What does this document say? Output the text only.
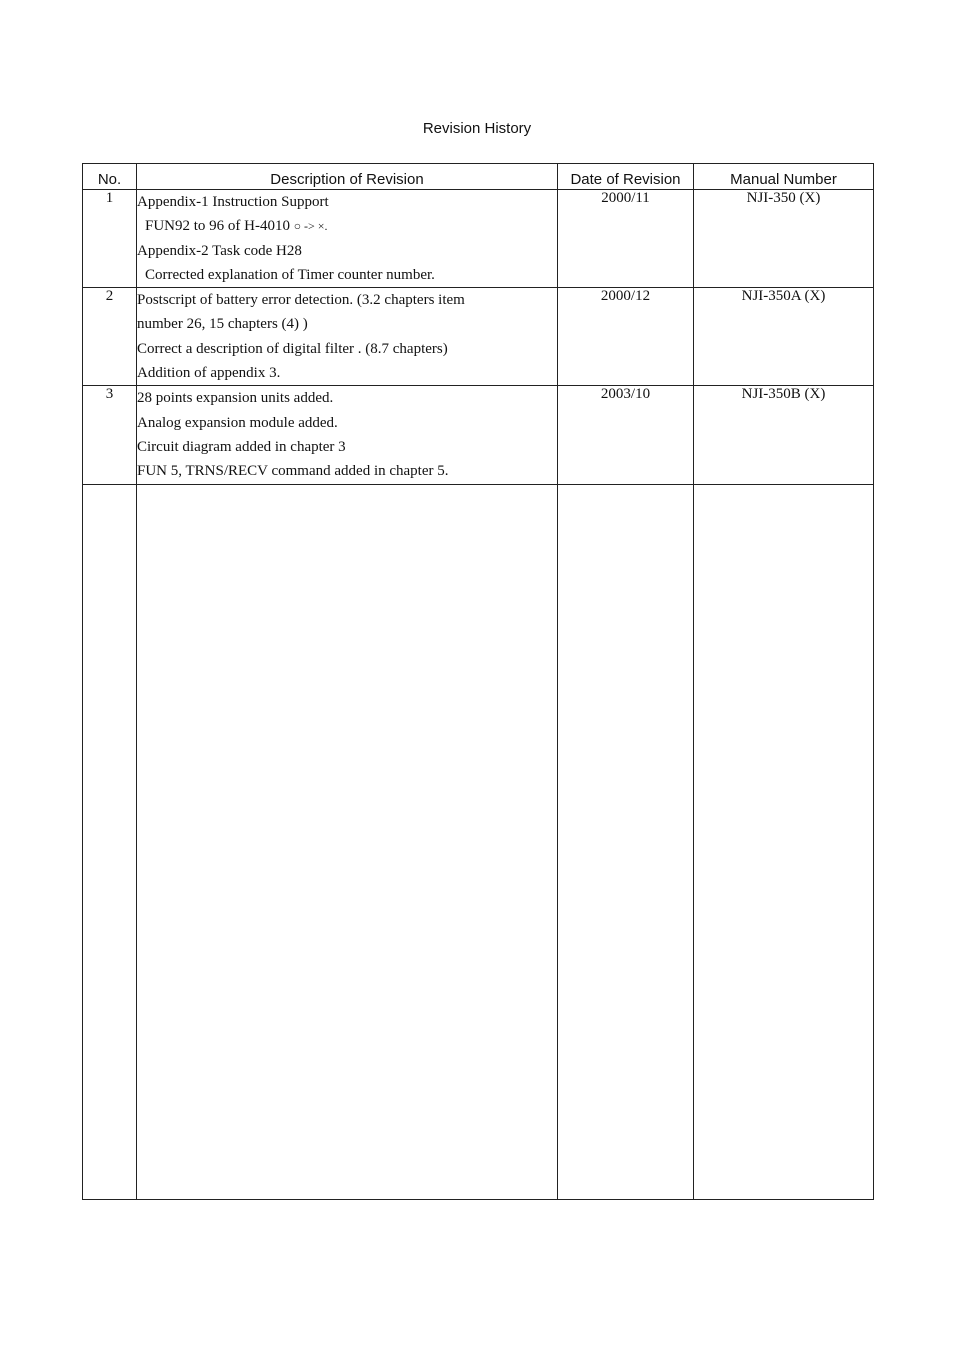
Revision History
No.	Description of Revision	Date of Revision	Manual Number
1	Appendix-1 Instruction Support
FUN92 to 96 of H-4010 ○ -> ×.
Appendix-2 Task code H28
Corrected explanation of Timer counter number.	2000/11	NJI-350 (X)
2	Postscript of battery error detection. (3.2 chapters item
number 26, 15 chapters (4) )
Correct a description of digital filter . (8.7 chapters)
Addition of appendix 3.	2000/12	NJI-350A (X)
3	28 points expansion units added.
Analog expansion module added.
Circuit diagram added in chapter 3
FUN 5, TRNS/RECV command added in chapter 5.	2003/10	NJI-350B (X)
